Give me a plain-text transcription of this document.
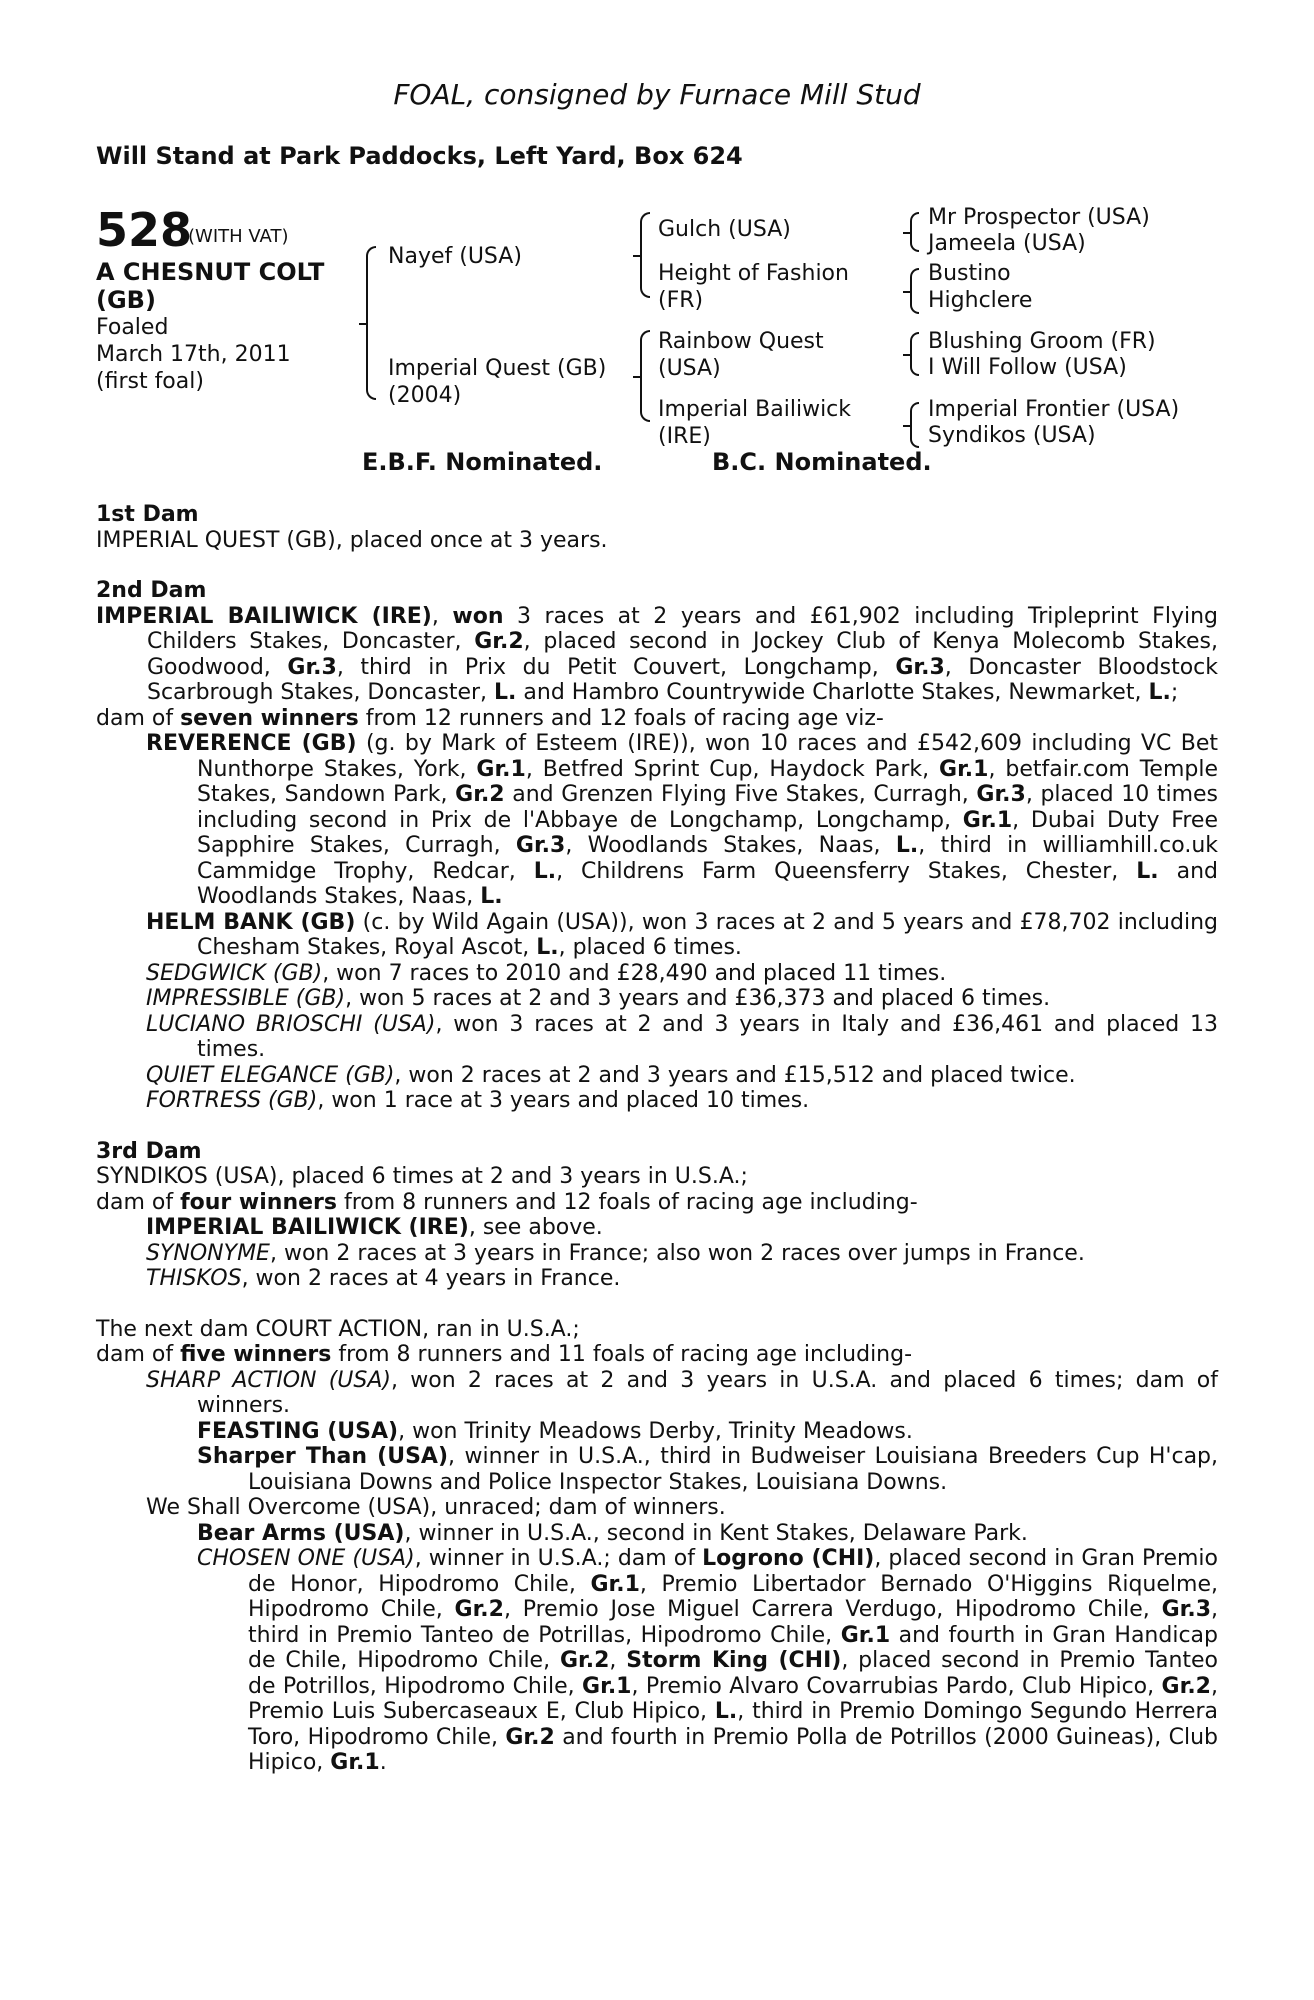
FOAL, consigned by Furnace Mill Stud
Will Stand at Park Paddocks, Left Yard, Box 624
528
(WITH VAT)
A CHESNUT COLT (GB)
Foaled
March 17th, 2011
(first foal)
Nayef (USA)
Imperial Quest (GB) (2004)
Gulch (USA)
Height of Fashion (FR)
Rainbow Quest (USA)
Imperial Bailiwick (IRE)
Mr Prospector (USA)
Jameela (USA)
Bustino
Highclere
Blushing Groom (FR)
I Will Follow (USA)
Imperial Frontier (USA)
Syndikos (USA)
E.B.F. Nominated.	B.C. Nominated.

1st Dam

IMPERIAL QUEST (GB), placed once at 3 years.

2nd Dam

IMPERIAL BAILIWICK (IRE), won 3 races at 2 years and £61,902 including Tripleprint Flying Childers Stakes, Doncaster, Gr.2, placed second in Jockey Club of Kenya Molecomb Stakes, Goodwood, Gr.3, third in Prix du Petit Couvert, Longchamp, Gr.3, Doncaster Bloodstock Scarbrough Stakes, Doncaster, L. and Hambro Countrywide Charlotte Stakes, Newmarket, L.;

dam of seven winners from 12 runners and 12 foals of racing age viz-

REVERENCE (GB) (g. by Mark of Esteem (IRE)), won 10 races and £542,609 including VC Bet Nunthorpe Stakes, York, Gr.1, Betfred Sprint Cup, Haydock Park, Gr.1, betfair.com Temple Stakes, Sandown Park, Gr.2 and Grenzen Flying Five Stakes, Curragh, Gr.3, placed 10 times including second in Prix de l'Abbaye de Longchamp, Longchamp, Gr.1, Dubai Duty Free Sapphire Stakes, Curragh, Gr.3, Woodlands Stakes, Naas, L., third in williamhill.co.uk Cammidge Trophy, Redcar, L., Childrens Farm Queensferry Stakes, Chester, L. and Woodlands Stakes, Naas, L.

HELM BANK (GB) (c. by Wild Again (USA)), won 3 races at 2 and 5 years and £78,702 including Chesham Stakes, Royal Ascot, L., placed 6 times.

SEDGWICK (GB), won 7 races to 2010 and £28,490 and placed 11 times.

IMPRESSIBLE (GB), won 5 races at 2 and 3 years and £36,373 and placed 6 times.

LUCIANO BRIOSCHI (USA), won 3 races at 2 and 3 years in Italy and £36,461 and placed 13 times.

QUIET ELEGANCE (GB), won 2 races at 2 and 3 years and £15,512 and placed twice.

FORTRESS (GB), won 1 race at 3 years and placed 10 times.

3rd Dam

SYNDIKOS (USA), placed 6 times at 2 and 3 years in U.S.A.;

dam of four winners from 8 runners and 12 foals of racing age including-

IMPERIAL BAILIWICK (IRE), see above.

SYNONYME, won 2 races at 3 years in France; also won 2 races over jumps in France.

THISKOS, won 2 races at 4 years in France.

The next dam COURT ACTION, ran in U.S.A.;

dam of five winners from 8 runners and 11 foals of racing age including-

SHARP ACTION (USA), won 2 races at 2 and 3 years in U.S.A. and placed 6 times; dam of winners.

FEASTING (USA), won Trinity Meadows Derby, Trinity Meadows.

Sharper Than (USA), winner in U.S.A., third in Budweiser Louisiana Breeders Cup H'cap, Louisiana Downs and Police Inspector Stakes, Louisiana Downs.

We Shall Overcome (USA), unraced; dam of winners.

Bear Arms (USA), winner in U.S.A., second in Kent Stakes, Delaware Park.

CHOSEN ONE (USA), winner in U.S.A.; dam of Logrono (CHI), placed second in Gran Premio de Honor, Hipodromo Chile, Gr.1, Premio Libertador Bernado O'Higgins Riquelme, Hipodromo Chile, Gr.2, Premio Jose Miguel Carrera Verdugo, Hipodromo Chile, Gr.3, third in Premio Tanteo de Potrillas, Hipodromo Chile, Gr.1 and fourth in Gran Handicap de Chile, Hipodromo Chile, Gr.2, Storm King (CHI), placed second in Premio Tanteo de Potrillos, Hipodromo Chile, Gr.1, Premio Alvaro Covarrubias Pardo, Club Hipico, Gr.2, Premio Luis Subercaseaux E, Club Hipico, L., third in Premio Domingo Segundo Herrera Toro, Hipodromo Chile, Gr.2 and fourth in Premio Polla de Potrillos (2000 Guineas), Club Hipico, Gr.1.
